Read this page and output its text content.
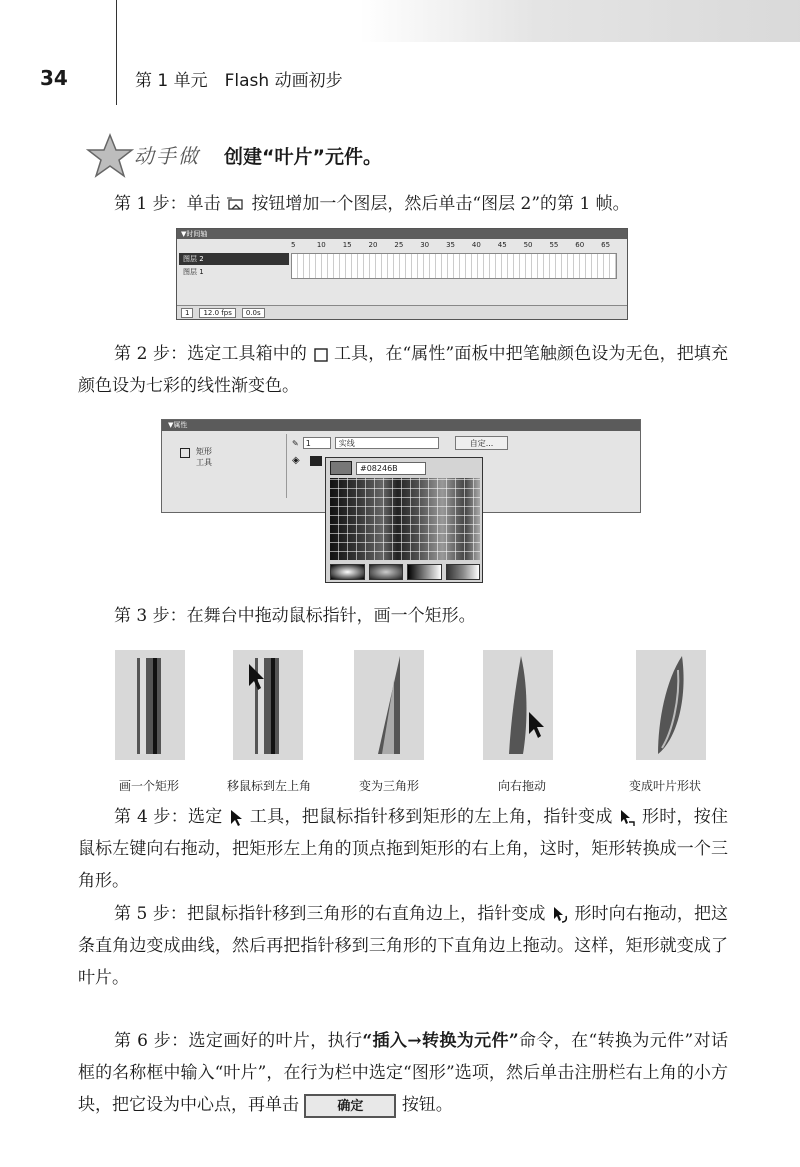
34	第 1 单元　Flash 动画初步
动手做 创建“叶片”元件。
第 1 步：单击 按钮增加一个图层，然后单击“图层 2”的第 1 帧。
▼时间轴
5	10	15	20	25	30	35	40	45	50	55	60	65
图层 2
图层 1
1	12.0 fps	0.0s
第 2 步：选定工具箱中的 工具，在“属性”面板中把笔触颜色设为无色，把填充颜色设为七彩的线性渐变色。
▼属性
矩形
工具
✎ 1	实线	自定...
◈
#08246B
第 3 步：在舞台中拖动鼠标指针，画一个矩形。
画一个矩形	移鼠标到左上角	变为三角形	向右拖动	变成叶片形状
第 4 步：选定 工具，把鼠标指针移到矩形的左上角，指针变成 形时，按住鼠标左键向右拖动，把矩形左上角的顶点拖到矩形的右上角，这时，矩形转换成一个三角形。
第 5 步：把鼠标指针移到三角形的右直角边上，指针变成 形时向右拖动，把这条直角边变成曲线，然后再把指针移到三角形的下直角边上拖动。这样，矩形就变成了叶片。
第 6 步：选定画好的叶片，执行“插入→转换为元件”命令，在“转换为元件”对话框的名称框中输入“叶片”，在行为栏中选定“图形”选项，然后单击注册栏右上角的小方块，把它设为中心点，再单击	确定 按钮。
